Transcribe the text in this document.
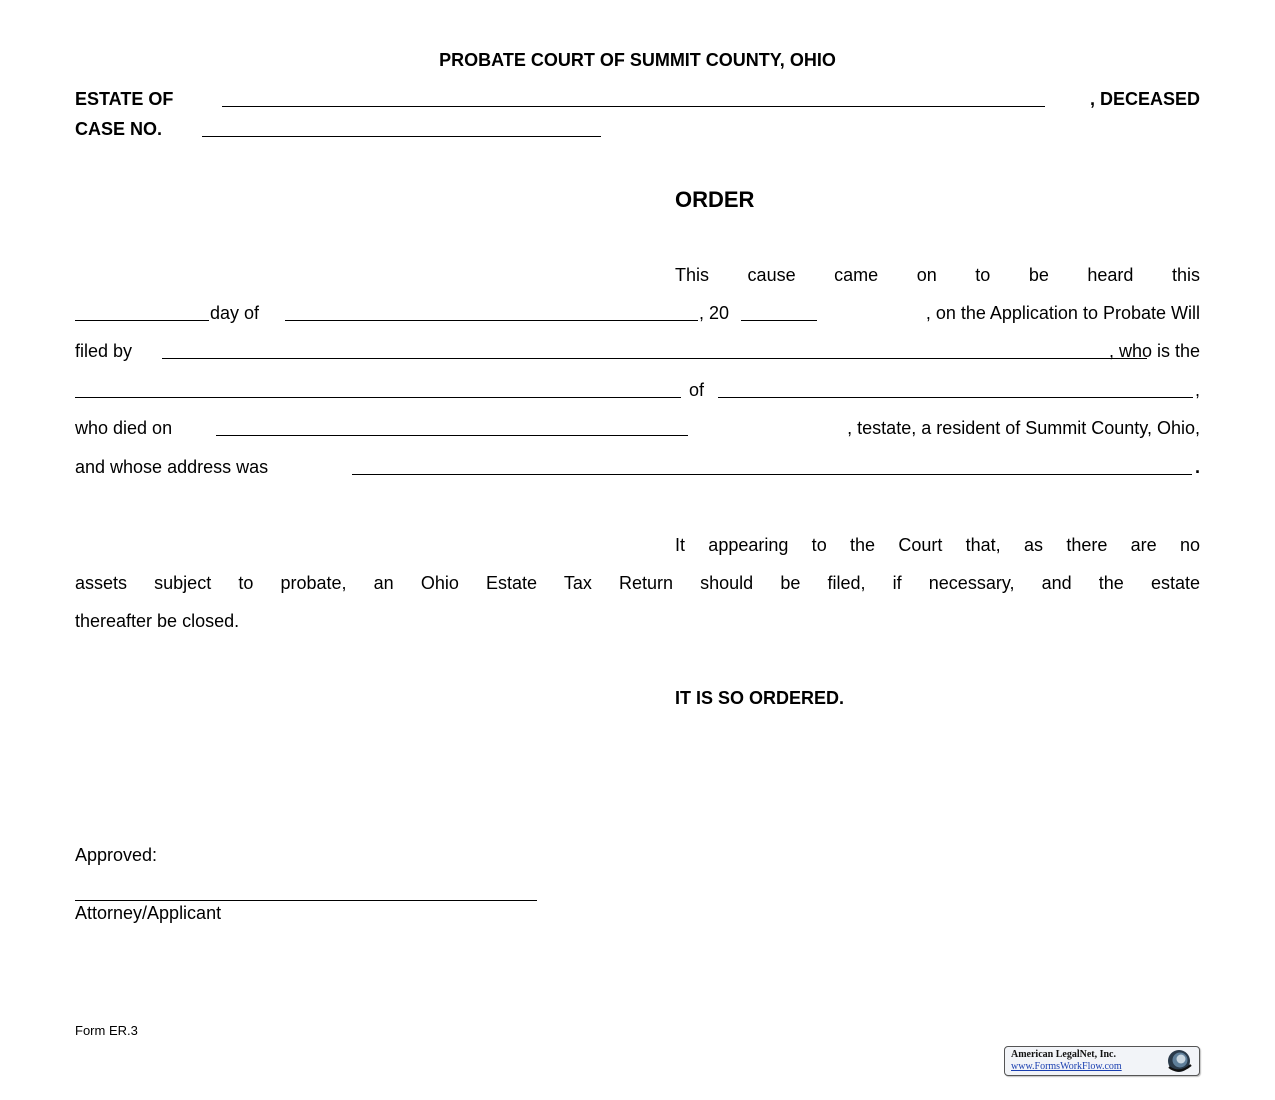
PROBATE COURT OF SUMMIT COUNTY, OHIO
ESTATE OF	, DECEASED
CASE NO.
ORDER
This cause came on to be heard this
day of	, 20	, on the Application to Probate Will
filed by	, who is the
of	,
who died on	, testate, a resident of Summit County, Ohio,
and whose address was	.
It appearing to the Court that, as there are no
assets subject to probate, an Ohio Estate Tax Return should be filed, if necessary, and the estate
thereafter be closed.
IT IS SO ORDERED.
Approved:
Attorney/Applicant
Form ER.3
American LegalNet, Inc.
www.FormsWorkFlow.com
